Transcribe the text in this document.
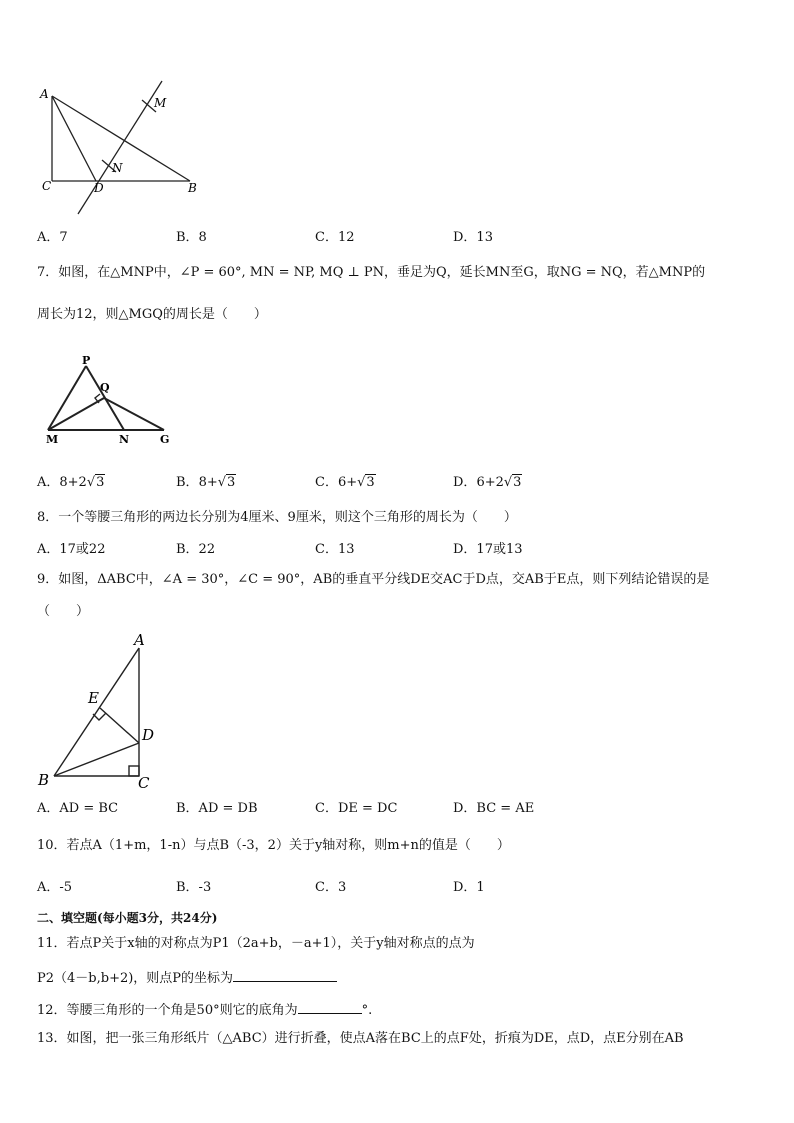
A
M
N
C	D	B
A．7	B．8	C．12	D．13
7．如图，在△MNP中，∠P = 60°, MN = NP, MQ ⊥ PN，垂足为Q，延长MN至G，取NG = NQ，若△MNP的
周长为12，则△MGQ的周长是（　　）
P
Q
M	N	G
A．8+2√3	B．8+√3	C．6+√3	D．6+2√3
8．一个等腰三角形的两边长分别为4厘米、9厘米，则这个三角形的周长为（　　）
A．17或22	B．22	C．13	D．17或13
9．如图，ΔABC中，∠A = 30°，∠C = 90°，AB的垂直平分线DE交AC于D点，交AB于E点，则下列结论错误的是
（　　）
A
E
D
B	C
A．AD = BC	B．AD = DB	C．DE = DC	D．BC = AE
10．若点A（1+m，1-n）与点B（-3，2）关于y轴对称，则m+n的值是（　　）
A．-5	B．-3	C．3	D．1
二、填空题(每小题3分，共24分)
11．若点P关于x轴的对称点为P1（2a+b，－a+1），关于y轴对称点的点为
P2（4－b,b+2)，则点P的坐标为
12．等腰三角形的一个角是50°则它的底角为	°.
13．如图，把一张三角形纸片（△ABC）进行折叠，使点A落在BC上的点F处，折痕为DE，点D，点E分别在AB
